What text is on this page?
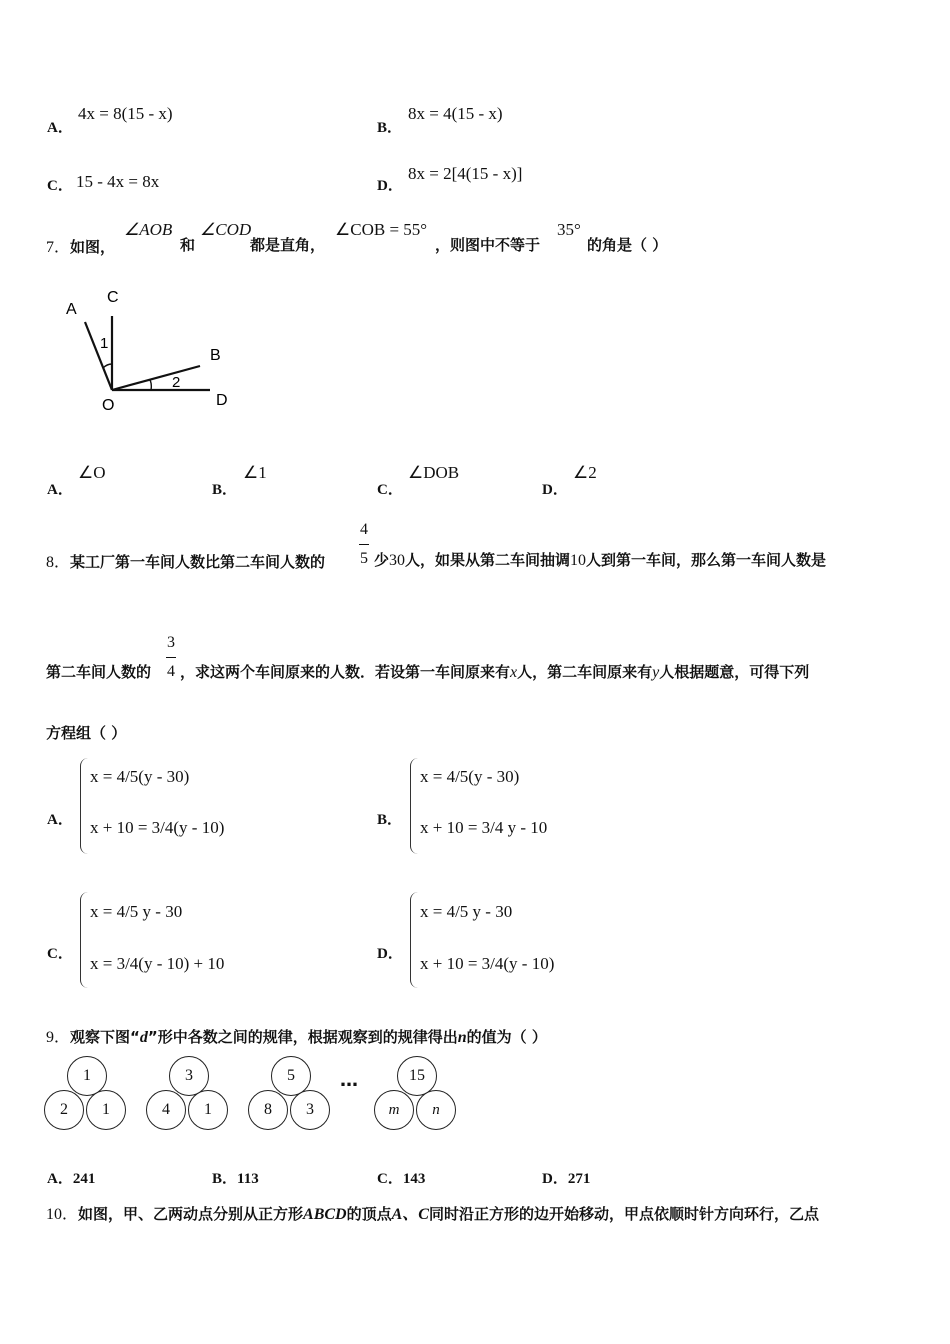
A．
4x = 8(15 - x)
B．
8x = 4(15 - x)
C． 15 - 4x = 8x	D．
8x = 2[4(15 - x)]
7．如图，
∠AOB
和
∠COD
都是直角，
∠COB = 55°
，则图中不等于
35°
的角是（ ）
A
C
B
O	D
1
2
A．
∠O
B．
∠1
C．
∠DOB
D．
∠2
8．某工厂第一车间人数比第二车间人数的 $\frac{4}{5}$ 少30人，如果从第二车间抽调10人到第一车间，那么第一车间人数是
第二车间人数的 $\frac{3}{4}$ ，求这两个车间原来的人数．若设第一车间原来有x人，第二车间原来有y人根据题意，可得下列
方程组（ ）
A．
x = 4/5(y - 30)
x + 10 = 3/4(y - 10)	B．
x = 4/5(y - 30)
x + 10 = 3/4 y - 10
C．
x = 4/5 y - 30
x = 3/4(y - 10) + 10	D．
x = 4/5 y - 30
x + 10 = 3/4(y - 10)
9．观察下图“d”形中各数之间的规律，根据观察到的规律得出n的值为（ ）
1
2 1
3
4 1
5
8 3
…	15
m n
A．241	B．113	C．143	D．271
10．如图，甲、乙两动点分别从正方形ABCD的顶点A、C同时沿正方形的边开始移动，甲点依顺时针方向环行，乙点
